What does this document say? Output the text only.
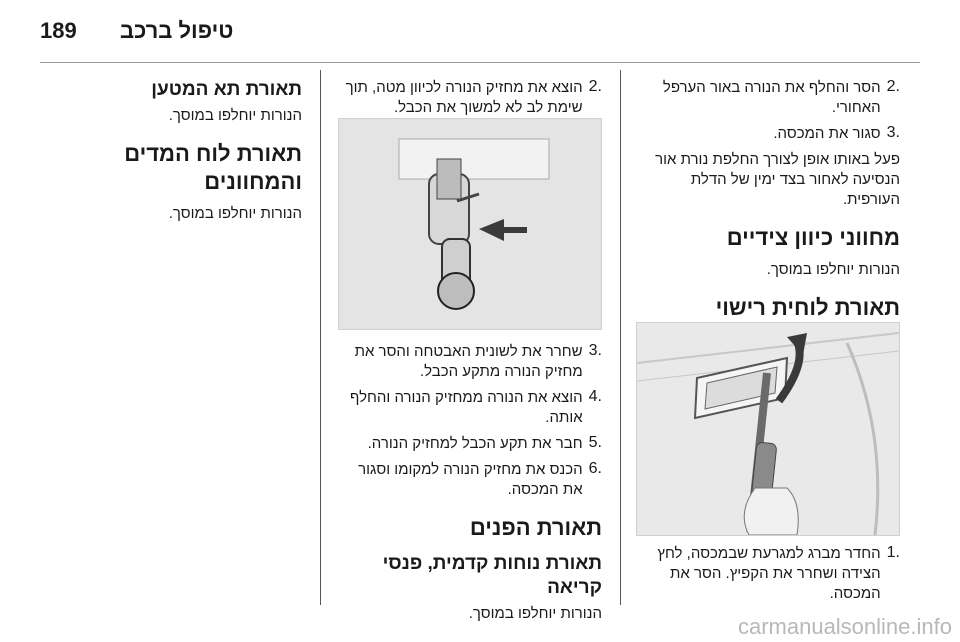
189 טיפול ברכב
.2

הסר והחלף את הנורה באור הערפל האחורי.

.3

סגור את המכסה.

פעל באותו אופן לצורך החלפת נורת אור הנסיעה לאחור בצד ימין של הדלת העורפית.

מחווני כיוון צידיים

הנורות יוחלפו במוסך.

תאורת לוחית רישוי
.1

החדר מברג למגרעת שבמכסה, לחץ הצידה ושחרר את הקפיץ. הסר את המכסה.

.2

הוצא את מחזיק הנורה לכיוון מטה, תוך שימת לב לא למשוך את הכבל.

.3

שחרר את לשונית האבטחה והסר את מחזיק הנורה מתקע הכבל.

.4

הוצא את הנורה ממחזיק הנורה והחלף אותה.

.5

חבר את תקע הכבל למחזיק הנורה.

.6

הכנס את מחזיק הנורה למקומו וסגור את המכסה.

תאורת הפנים
תאורת נוחות קדמית, פנסי קריאה

הנורות יוחלפו במוסך.

תאורת תא המטען

הנורות יוחלפו במוסך.

תאורת לוח המדים והמחוונים

הנורות יוחלפו במוסך.

carmanualsonline.info
